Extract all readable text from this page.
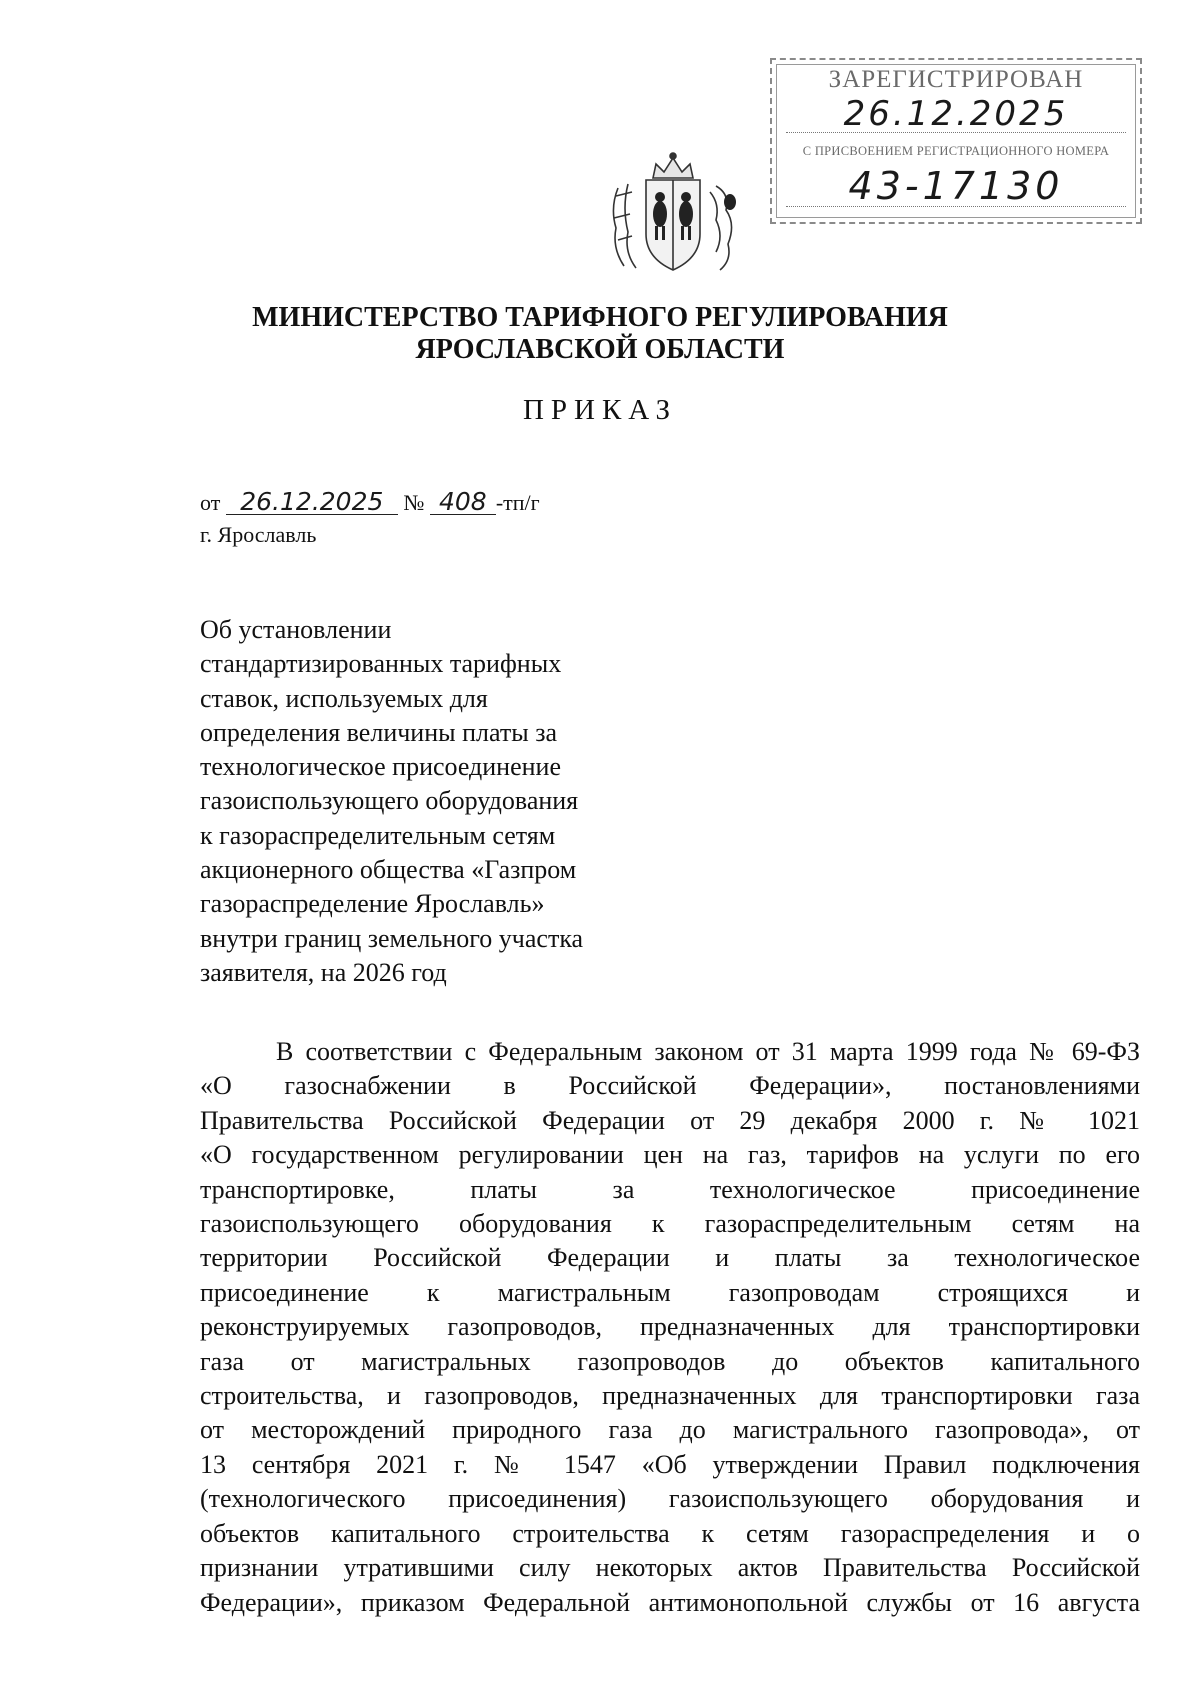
ЗАРЕГИСТРИРОВАН
26.12.2025
С ПРИСВОЕНИЕМ РЕГИСТРАЦИОННОГО НОМЕРА
43-17130
МИНИСТЕРСТВО ТАРИФНОГО РЕГУЛИРОВАНИЯ
ЯРОСЛАВСКОЙ ОБЛАСТИ
ПРИКАЗ
от 26.12.2025 № 408 -тп/г
г. Ярославль
Об установлении
стандартизированных тарифных
ставок, используемых для
определения величины платы за
технологическое присоединение
газоиспользующего оборудования
к газораспределительным сетям
акционерного общества «Газпром
газораспределение Ярославль»
внутри границ земельного участка
заявителя, на 2026 год
В соответствии с Федеральным законом от 31 марта 1999 года № 69-ФЗ
«О газоснабжении в Российской Федерации», постановлениями
Правительства Российской Федерации от 29 декабря 2000 г. № 1021
«О государственном регулировании цен на газ, тарифов на услуги по его
транспортировке, платы за технологическое присоединение
газоиспользующего оборудования к газораспределительным сетям на
территории Российской Федерации и платы за технологическое
присоединение к магистральным газопроводам строящихся и
реконструируемых газопроводов, предназначенных для транспортировки
газа от магистральных газопроводов до объектов капитального
строительства, и газопроводов, предназначенных для транспортировки газа
от месторождений природного газа до магистрального газопровода», от
13 сентября 2021 г. № 1547 «Об утверждении Правил подключения
(технологического присоединения) газоиспользующего оборудования и
объектов капитального строительства к сетям газораспределения и о
признании утратившими силу некоторых актов Правительства Российской
Федерации», приказом Федеральной антимонопольной службы от 16 августа
